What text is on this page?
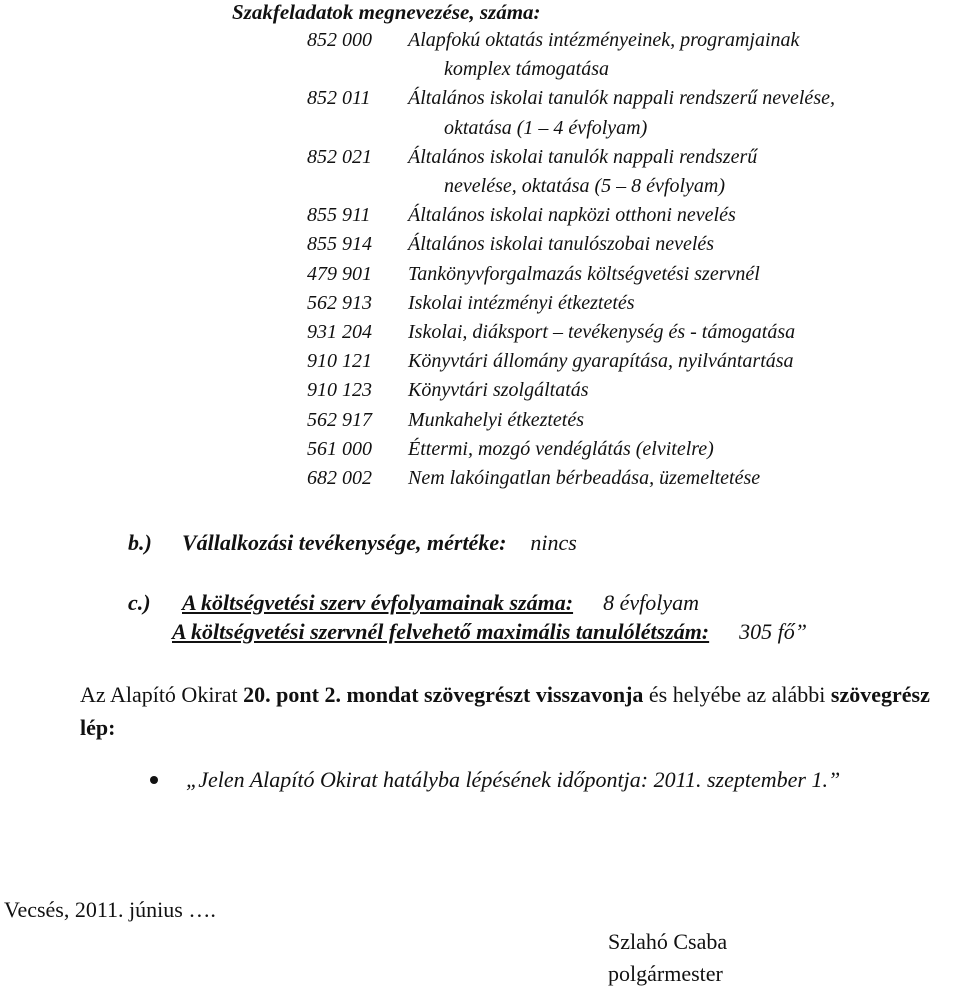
Szakfeladatok megnevezése, száma:
852 000	Alapfokú oktatás intézményeinek, programjainak
komplex támogatása
852 011	Általános iskolai tanulók nappali rendszerű nevelése,
oktatása (1 – 4 évfolyam)
852 021	Általános iskolai tanulók nappali rendszerű
nevelése, oktatása (5 – 8 évfolyam)
855 911	Általános iskolai napközi otthoni nevelés
855 914	Általános iskolai tanulószobai nevelés
479 901	Tankönyvforgalmazás költségvetési szervnél
562 913	Iskolai intézményi étkeztetés
931 204	Iskolai, diáksport – tevékenység és - támogatása
910 121	Könyvtári állomány gyarapítása, nyilvántartása
910 123	Könyvtári szolgáltatás
562 917	Munkahelyi étkeztetés
561 000	Éttermi, mozgó vendéglátás (elvitelre)
682 002	Nem lakóingatlan bérbeadása, üzemeltetése
b.) Vállalkozási tevékenysége, mértéke: nincs
c.) A költségvetési szerv évfolyamainak száma: 8 évfolyam
A költségvetési szervnél felvehető maximális tanulólétszám: 305 fő”
Az Alapító Okirat 20. pont 2. mondat szövegrészt visszavonja és helyébe az alábbi szövegrész lép:
„Jelen Alapító Okirat hatályba lépésének időpontja: 2011. szeptember 1.”
Vecsés, 2011. június ….
Szlahó Csaba
polgármester
